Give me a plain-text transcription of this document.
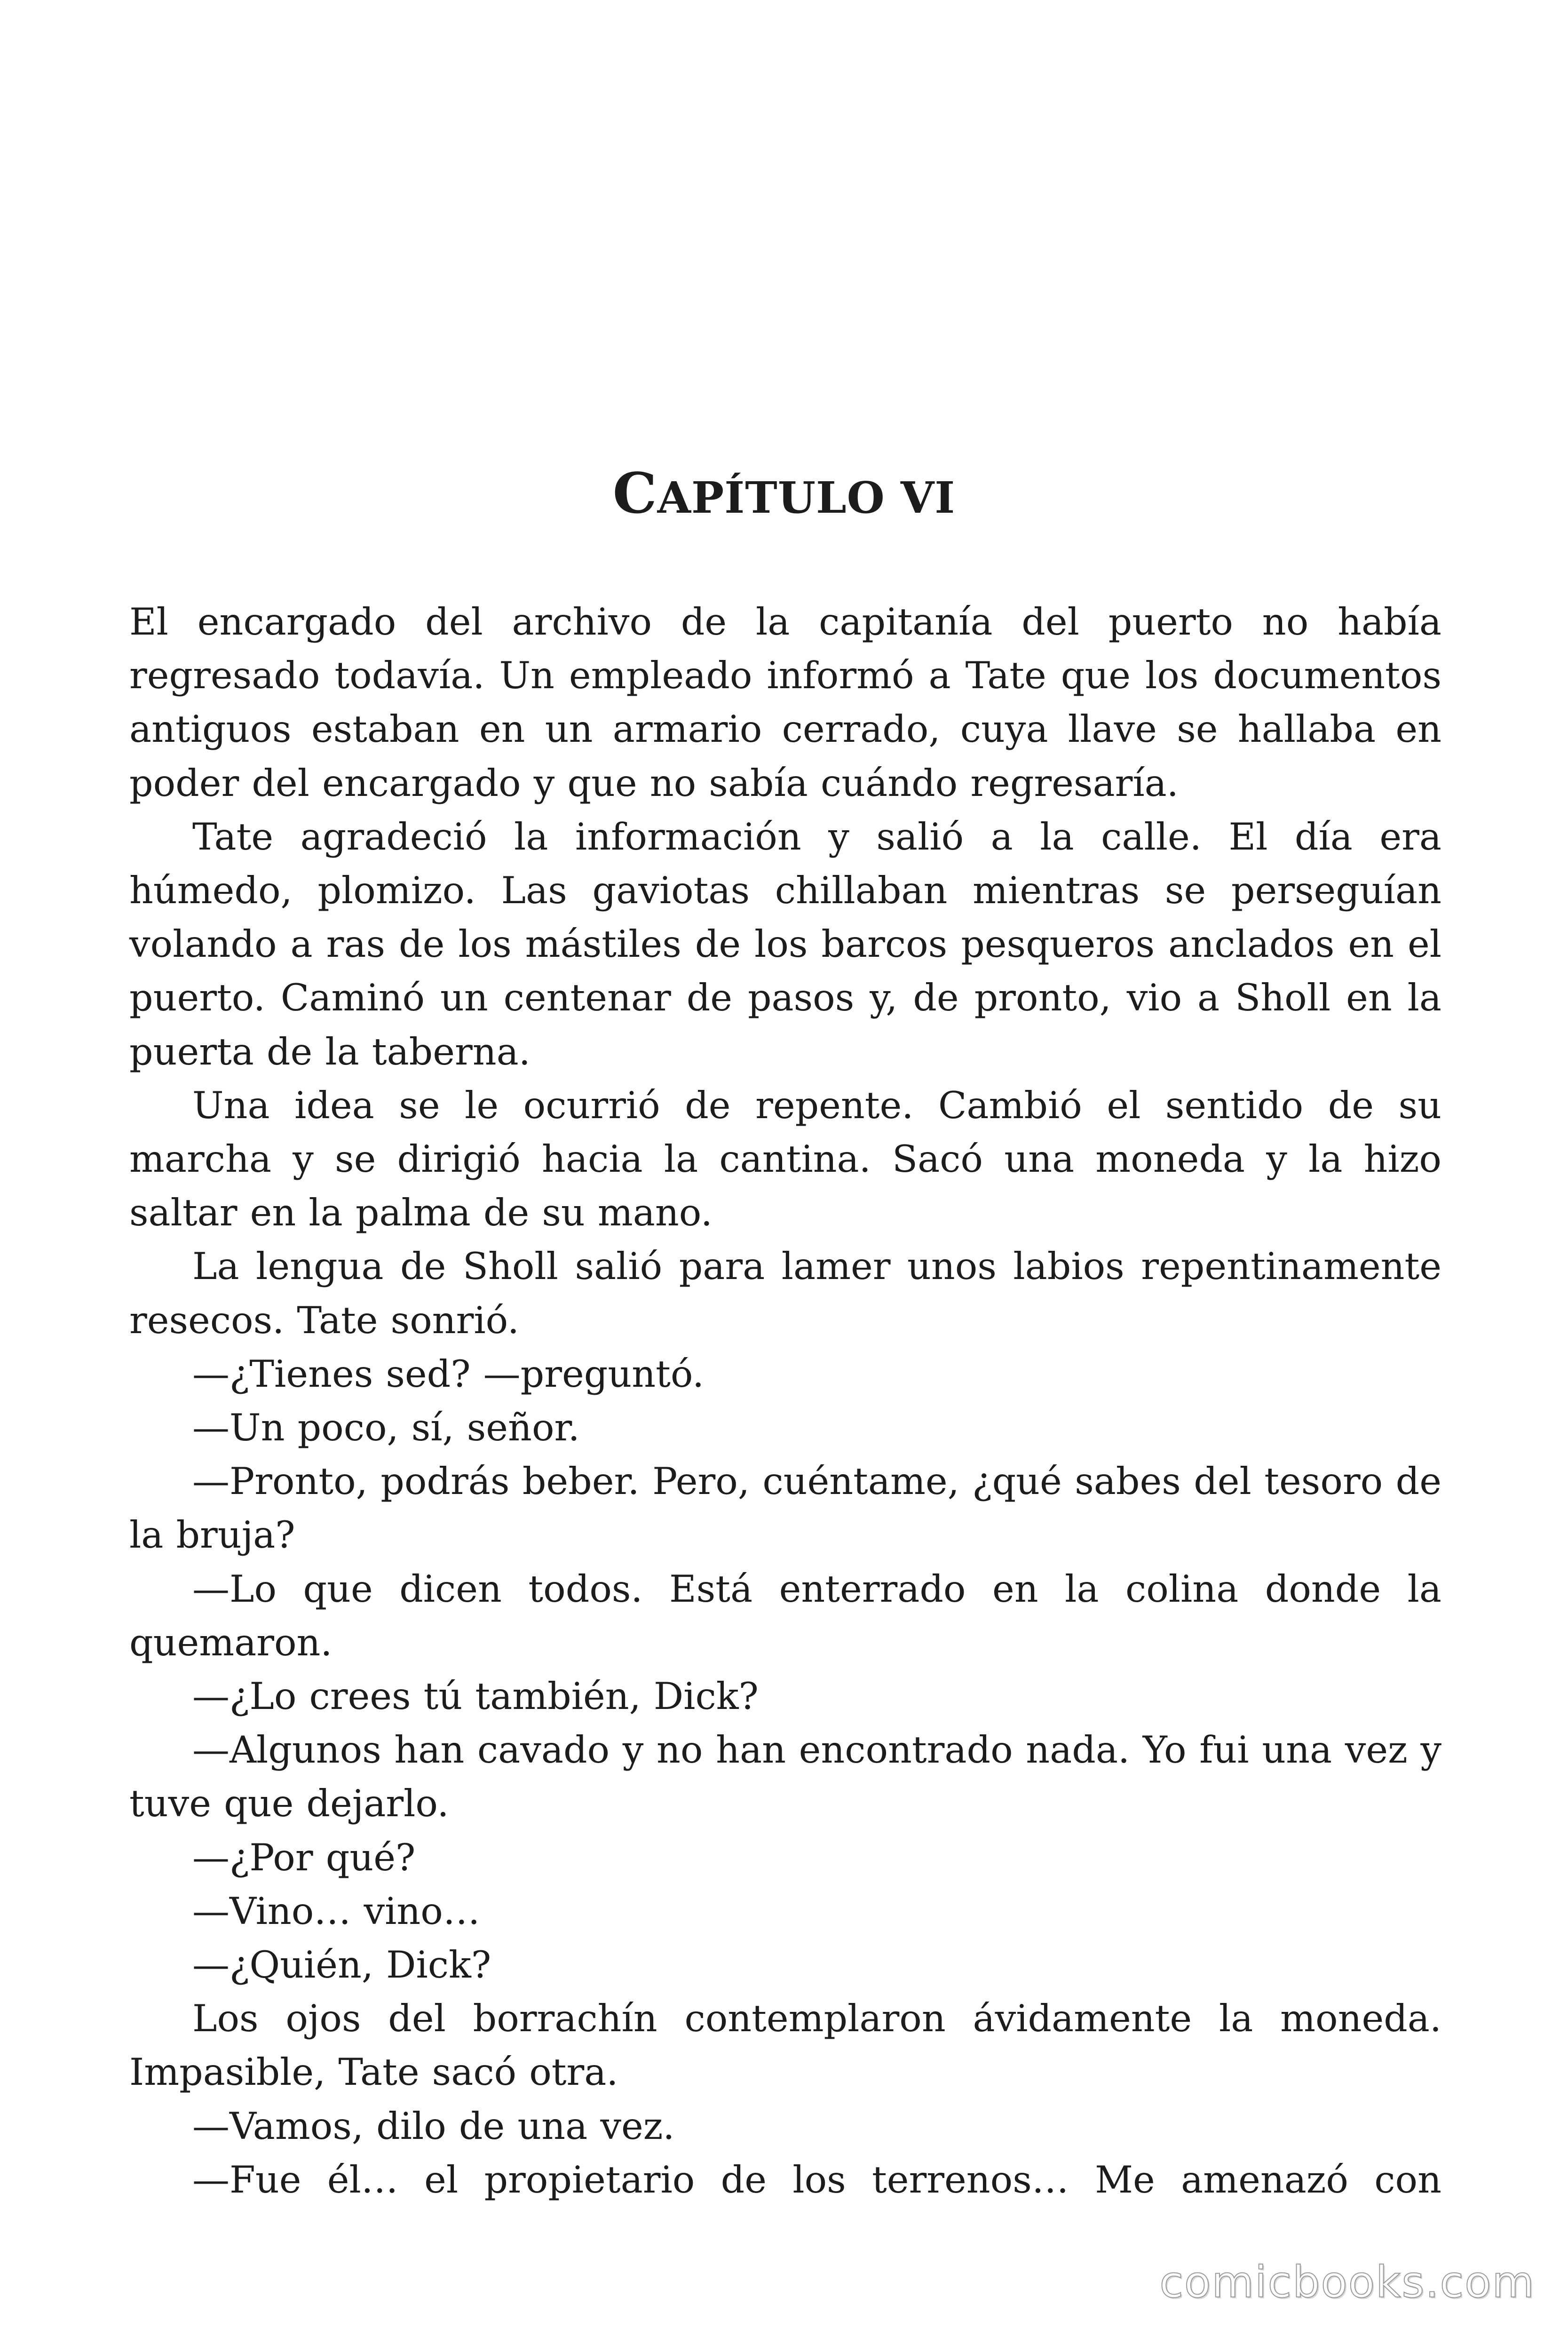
CAPÍTULO VI

El encargado del archivo de la capitanía del puerto no había regresado todavía. Un empleado informó a Tate que los documentos antiguos estaban en un armario cerrado, cuya llave se hallaba en poder del encargado y que no sabía cuándo regresaría.

Tate agradeció la información y salió a la calle. El día era húmedo, plomizo. Las gaviotas chillaban mientras se perseguían volando a ras de los mástiles de los barcos pesqueros anclados en el puerto. Caminó un centenar de pasos y, de pronto, vio a Sholl en la puerta de la taberna.

Una idea se le ocurrió de repente. Cambió el sentido de su marcha y se dirigió hacia la cantina. Sacó una moneda y la hizo saltar en la palma de su mano.

La lengua de Sholl salió para lamer unos labios repentinamente resecos. Tate sonrió.

—¿Tienes sed? —preguntó.

—Un poco, sí, señor.

—Pronto, podrás beber. Pero, cuéntame, ¿qué sabes del tesoro de la bruja?

—Lo que dicen todos. Está enterrado en la colina donde la quemaron.

—¿Lo crees tú también, Dick?

—Algunos han cavado y no han encontrado nada. Yo fui una vez y tuve que dejarlo.

—¿Por qué?

—Vino… vino…

—¿Quién, Dick?

Los ojos del borrachín contemplaron ávidamente la moneda. Impasible, Tate sacó otra.

—Vamos, dilo de una vez.

—Fue él… el propietario de los terrenos… Me amenazó con

comicbooks.com
